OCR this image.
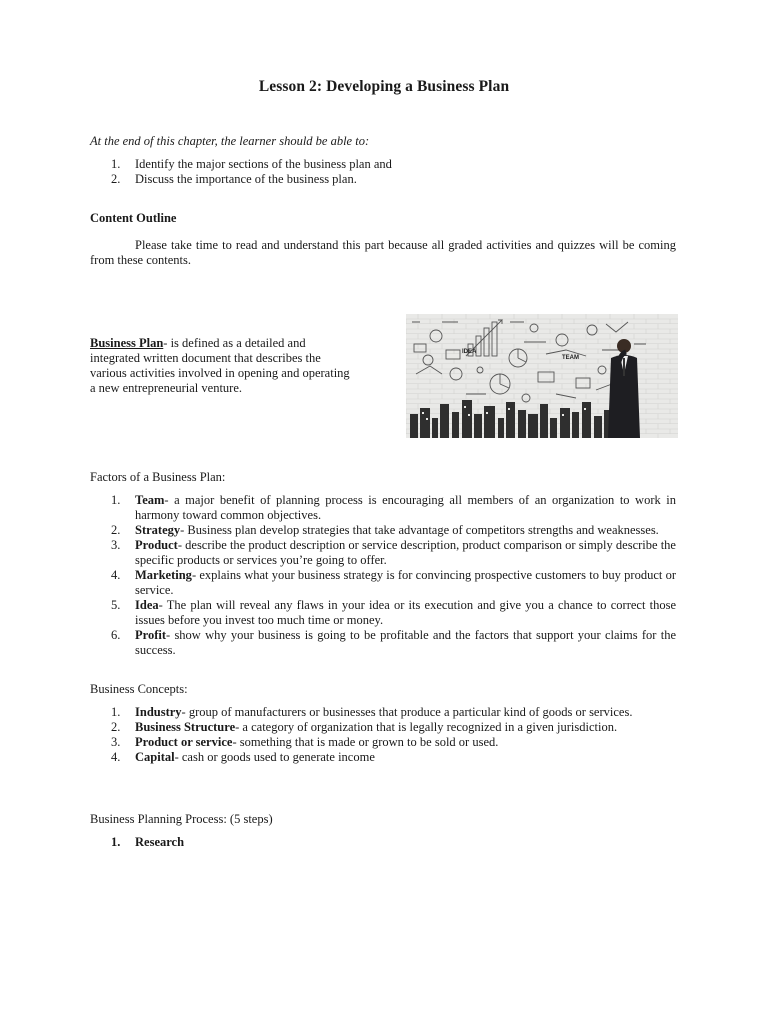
Lesson 2: Developing a Business Plan
At the end of this chapter, the learner should be able to:
1. Identify the major sections of the business plan and
2. Discuss the importance of the business plan.
Content Outline
Please take time to read and understand this part because all graded activities and quizzes will be coming from these contents.
Business Plan- is defined as a detailed and integrated written document that describes the various activities involved in opening and operating a new entrepreneurial venture.
IDEA
TEAM
Factors of a Business Plan:
1. Team- a major benefit of planning process is encouraging all members of an organization to work in harmony toward common objectives.
2. Strategy- Business plan develop strategies that take advantage of competitors strengths and weaknesses.
3. Product- describe the product description or service description, product comparison or simply describe the specific products or services you’re going to offer.
4. Marketing- explains what your business strategy is for convincing prospective customers to buy product or service.
5. Idea- The plan will reveal any flaws in your idea or its execution and give you a chance to correct those issues before you invest too much time or money.
6. Profit- show why your business is going to be profitable and the factors that support your claims for the success.
Business Concepts:
1. Industry- group of manufacturers or businesses that produce a particular kind of goods or services.
2. Business Structure- a category of organization that is legally recognized in a given jurisdiction.
3. Product or service- something that is made or grown to be sold or used.
4. Capital- cash or goods used to generate income
Business Planning Process: (5 steps)
1. Research
